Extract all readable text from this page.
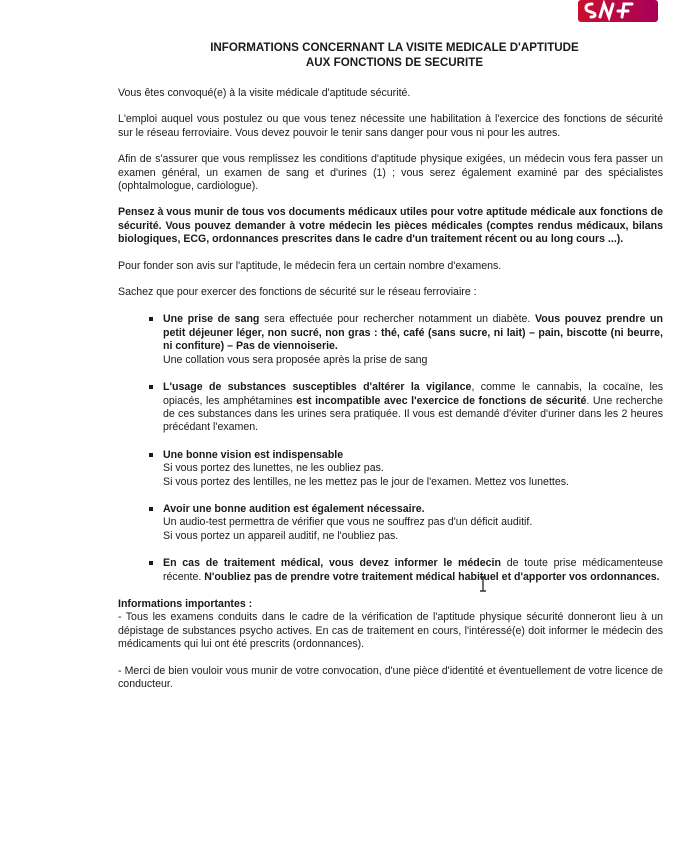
INFORMATIONS CONCERNANT LA VISITE MEDICALE D'APTITUDE
AUX FONCTIONS DE SECURITE

Vous êtes convoqué(e) à la visite médicale d'aptitude sécurité.

L'emploi auquel vous postulez ou que vous tenez nécessite une habilitation à l'exercice des fonctions de sécurité sur le réseau ferroviaire. Vous devez pouvoir le tenir sans danger pour vous ni pour les autres.

Afin de s'assurer que vous remplissez les conditions d'aptitude physique exigées, un médecin vous fera passer un examen général, un examen de sang et d'urines (1) ; vous serez également examiné par des spécialistes (ophtalmologue, cardiologue).

Pensez à vous munir de tous vos documents médicaux utiles pour votre aptitude médicale aux fonctions de sécurité. Vous pouvez demander à votre médecin les pièces médicales (comptes rendus médicaux, bilans biologiques, ECG, ordonnances prescrites dans le cadre d'un traitement récent ou au long cours ...).

Pour fonder son avis sur l'aptitude, le médecin fera un certain nombre d'examens.

Sachez que pour exercer des fonctions de sécurité sur le réseau ferroviaire :

Une prise de sang sera effectuée pour rechercher notamment un diabète. Vous pouvez prendre un petit déjeuner léger, non sucré, non gras : thé, café (sans sucre, ni lait) – pain, biscotte (ni beurre, ni confiture) – Pas de viennoiserie.
Une collation vous sera proposée après la prise de sang
L'usage de substances susceptibles d'altérer la vigilance, comme le cannabis, la cocaïne, les opiacés, les amphétamines est incompatible avec l'exercice de fonctions de sécurité. Une recherche de ces substances dans les urines sera pratiquée. Il vous est demandé d'éviter d'uriner dans les 2 heures précédant l'examen.
Une bonne vision est indispensable
Si vous portez des lunettes, ne les oubliez pas.
Si vous portez des lentilles, ne les mettez pas le jour de l'examen. Mettez vos lunettes.
Avoir une bonne audition est également nécessaire.
Un audio-test permettra de vérifier que vous ne souffrez pas d'un déficit auditif.
Si vous portez un appareil auditif, ne l'oubliez pas.
En cas de traitement médical, vous devez informer le médecin de toute prise médicamenteuse récente. N'oubliez pas de prendre votre traitement médical habituel et d'apporter vos ordonnances.

Informations importantes :

- Tous les examens conduits dans le cadre de la vérification de l'aptitude physique sécurité donneront lieu à un dépistage de substances psycho actives. En cas de traitement en cours, l'intéressé(e) doit informer le médecin des médicaments qui lui ont été prescrits (ordonnances).

- Merci de bien vouloir vous munir de votre convocation, d'une pièce d'identité et éventuellement de votre licence de conducteur.
